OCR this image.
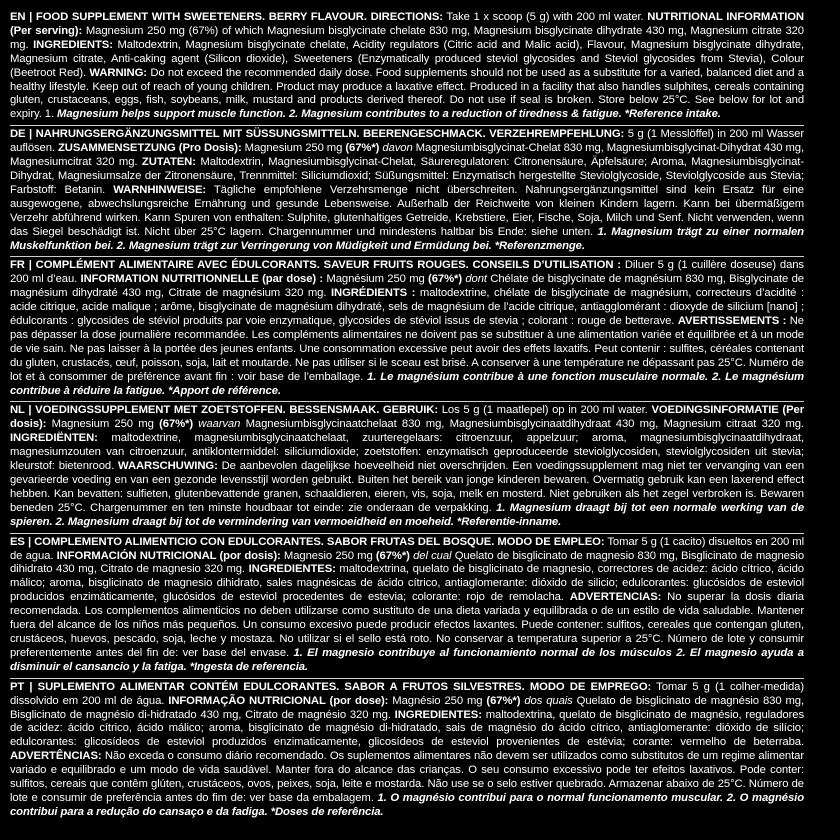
EN | FOOD SUPPLEMENT WITH SWEETENERS. BERRY FLAVOUR. DIRECTIONS: Take 1 x scoop (5 g) with 200 ml water. NUTRITIONAL INFORMATION (Per serving): Magnesium 250 mg (67%) of which Magnesium bisglycinate chelate 830 mg, Magnesium bisglycinate dihydrate 430 mg, Magnesium citrate 320 mg. INGREDIENTS: Maltodextrin, Magnesium bisglycinate chelate, Acidity regulators (Citric acid and Malic acid), Flavour, Magnesium bisglycinate dihydrate, Magnesium citrate, Anti-caking agent (Silicon dioxide), Sweeteners (Enzymatically produced steviol glycosides and Steviol glycosides from Stevia), Colour (Beetroot Red). WARNING: Do not exceed the recommended daily dose. Food supplements should not be used as a substitute for a varied, balanced diet and a healthy lifestyle. Keep out of reach of young children. Product may produce a laxative effect. Produced in a facility that also handles sulphites, cereals containing gluten, crustaceans, eggs, fish, soybeans, milk, mustard and products derived thereof. Do not use if seal is broken. Store below 25°C. See below for lot and expiry. 1. Magnesium helps support muscle function. 2. Magnesium contributes to a reduction of tiredness & fatigue. *Reference intake.
DE | NAHRUNGSERGÄNZUNGSMITTEL MIT SÜSSUNGSMITTELN. BEERENGESCHMACK. VERZEHREMPFEHLUNG: 5 g (1 Messlöffel) in 200 ml Wasser auflösen. ZUSAMMENSETZUNG (Pro Dosis): Magnesium 250 mg (67%*) davon Magnesiumbisglycinat-Chelat 830 mg, Magnesiumbisglycinat-Dihydrat 430 mg, Magnesiumcitrat 320 mg. ZUTATEN: Maltodextrin, Magnesiumbisglycinat-Chelat, Säureregulatoren: Citronensäure, Äpfelsäure; Aroma, Magnesiumbisglycinat-Dihydrat, Magnesiumsalze der Zitronensäure, Trennmittel: Siliciumdioxid; Süßungsmittel: Enzymatisch hergestellte Steviolglycoside, Steviolglycoside aus Stevia; Farbstoff: Betanin. WARNHINWEISE: Tägliche empfohlene Verzehrsmenge nicht überschreiten. Nahrungsergänzungsmittel sind kein Ersatz für eine ausgewogene, abwechslungsreiche Ernährung und gesunde Lebensweise. Außerhalb der Reichweite von kleinen Kindern lagern. Kann bei übermäßigem Verzehr abführend wirken. Kann Spuren von enthalten: Sulphite, glutenhaltiges Getreide, Krebstiere, Eier, Fische, Soja, Milch und Senf. Nicht verwenden, wenn das Siegel beschädigt ist. Nicht über 25°C lagern. Chargennummer und mindestens haltbar bis Ende: siehe unten. 1. Magnesium trägt zu einer normalen Muskelfunktion bei. 2. Magnesium trägt zur Verringerung von Müdigkeit und Ermüdung bei. *Referenzmenge.
FR | COMPLÉMENT ALIMENTAIRE AVEC ÉDULCORANTS. SAVEUR FRUITS ROUGES. CONSEILS D’UTILISATION : Diluer 5 g (1 cuillère doseuse) dans 200 ml d’eau. INFORMATION NUTRITIONNELLE (par dose) : Magnésium 250 mg (67%*) dont Chélate de bisglycinate de magnésium 830 mg, Bisglycinate de magnésium dihydraté 430 mg, Citrate de magnésium 320 mg. INGRÉDIENTS : maltodextrine, chélate de bisglycinate de magnésium, correcteurs d’acidité : acide citrique, acide malique ; arôme, bisglycinate de magnésium dihydraté, sels de magnésium de l’acide citrique, antiagglomérant : dioxyde de silicium [nano] ; édulcorants : glycosides de stéviol produits par voie enzymatique, glycosides de stéviol issus de stevia ; colorant : rouge de betterave. AVERTISSEMENTS : Ne pas dépasser la dose journalière recommandée. Les compléments alimentaires ne doivent pas se substituer à une alimentation variée et équilibrée et à un mode de vie sain. Ne pas laisser à la portée des jeunes enfants. Une consommation excessive peut avoir des effets laxatifs. Peut contenir : sulfites, céréales contenant du gluten, crustacés, œuf, poisson, soja, lait et moutarde. Ne pas utiliser si le sceau est brisé. A conserver à une température ne dépassant pas 25°C. Numéro de lot et à consommer de préférence avant fin : voir base de l’emballage. 1. Le magnésium contribue à une fonction musculaire normale. 2. Le magnésium contribue à réduire la fatigue. *Apport de référence.
NL | VOEDINGSSUPPLEMENT MET ZOETSTOFFEN. BESSENSMAAK. GEBRUIK: Los 5 g (1 maatlepel) op in 200 ml water. VOEDINGSINFORMATIE (Per dosis): Magnesium 250 mg (67%*) waarvan Magnesiumbisglycinaatchelaat 830 mg, Magnesiumbisglycinaatdihydraat 430 mg, Magnesium citraat 320 mg. INGREDIËNTEN: maltodextrine, magnesiumbisglycinaatchelaat, zuurteregelaars: citroenzuur, appelzuur; aroma, magnesiumbisglycinaatdihydraat, magnesiumzouten van citroenzuur, antiklontermiddel: siliciumdioxide; zoetstoffen: enzymatisch geproduceerde steviolglycosiden, steviolglycosiden uit stevia; kleurstof: bietenrood. WAARSCHUWING: De aanbevolen dagelijkse hoeveelheid niet overschrijden. Een voedingssupplement mag niet ter vervanging van een gevarieerde voeding en van een gezonde levensstijl worden gebruikt. Buiten het bereik van jonge kinderen bewaren. Overmatig gebruik kan een laxerend effect hebben. Kan bevatten: sulfieten, glutenbevattende granen, schaaldieren, eieren, vis, soja, melk en mosterd. Niet gebruiken als het zegel verbroken is. Bewaren beneden 25°C. Chargenummer en ten minste houdbaar tot einde: zie onderaan de verpakking. 1. Magnesium draagt bij tot een normale werking van de spieren. 2. Magnesium draagt bij tot de vermindering van vermoeidheid en moeheid. *Referentie-inname.
ES | COMPLEMENTO ALIMENTICIO CON EDULCORANTES. SABOR FRUTAS DEL BOSQUE. MODO DE EMPLEO: Tomar 5 g (1 cacito) disueltos en 200 ml de agua. INFORMACIÓN NUTRICIONAL (por dosis): Magnesio 250 mg (67%*) del cual Quelato de bisglicinato de magnesio 830 mg, Bisglicinato de magnesio dihidrato 430 mg, Citrato de magnesio 320 mg. INGREDIENTES: maltodextrina, quelato de bisglicinato de magnesio, correctores de acidez: ácido cítrico, ácido málico; aroma, bisglicinato de magnesio dihidrato, sales magnésicas de ácido cítrico, antiaglomerante: dióxido de silicio; edulcorantes: glucósidos de esteviol producidos enzimáticamente, glucósidos de esteviol procedentes de estevia; colorante: rojo de remolacha. ADVERTENCIAS: No superar la dosis diaria recomendada. Los complementos alimenticios no deben utilizarse como sustituto de una dieta variada y equilibrada o de un estilo de vida saludable. Mantener fuera del alcance de los niños más pequeños. Un consumo excesivo puede producir efectos laxantes. Puede contener: sulfitos, cereales que contengan gluten, crustáceos, huevos, pescado, soja, leche y mostaza. No utilizar si el sello está roto. No conservar a temperatura superior a 25°C. Número de lote y consumir preferentemente antes del fin de: ver base del envase. 1. El magnesio contribuye al funcionamiento normal de los músculos 2. El magnesio ayuda a disminuir el cansancio y la fatiga. *Ingesta de referencia.
PT | SUPLEMENTO ALIMENTAR CONTÉM EDULCORANTES. SABOR A FRUTOS SILVESTRES. MODO DE EMPREGO: Tomar 5 g (1 colher-medida) dissolvido em 200 ml de água. INFORMAÇÃO NUTRICIONAL (por dose): Magnésio 250 mg (67%*) dos quais Quelato de bisglicinato de magnésio 830 mg, Bisglicinato de magnésio di-hidratado 430 mg, Citrato de magnésio 320 mg. INGREDIENTES: maltodextrina, quelato de bisglicinato de magnésio, reguladores de acidez: ácido cítrico, ácido málico; aroma, bisglicinato de magnésio di-hidratado, sais de magnésio do ácido cítrico, antiaglomerante: dióxido de silício; edulcorantes: glicosídeos de esteviol produzidos enzimaticamente, glicosídeos de esteviol provenientes de estévia; corante: vermelho de beterraba. ADVERTÊNCIAS: Não exceda o consumo diário recomendado. Os suplementos alimentares não devem ser utilizados como substitutos de um regime alimentar variado e equilibrado e um modo de vida saudável. Manter fora do alcance das crianças. O seu consumo excessivo pode ter efeitos laxativos. Pode conter: sulfitos, cereais que contêm glúten, crustáceos, ovos, peixes, soja, leite e mostarda. Não use se o selo estiver quebrado. Armazenar abaixo de 25°C. Número de lote e consumir de preferência antes do fim de: ver base da embalagem. 1. O magnésio contribui para o normal funcionamento muscular. 2. O magnésio contribui para a redução do cansaço e da fadiga. *Doses de referência.
